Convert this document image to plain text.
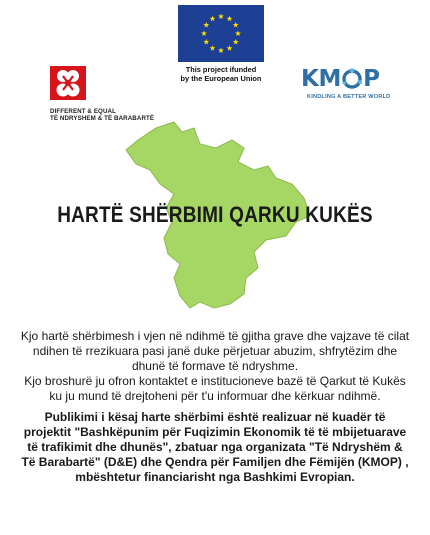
DIFFERENT & EQUAL
TË NDRYSHEM & TË BARABARTË
This project ifunded
by the European Union KM P
KINDLING A BETTER WORLD
HARTË SHËRBIMI QARKU KUKËS

Kjo hartë shërbimesh i vjen në ndihmë të gjitha grave dhe vajzave të cilat ndihen të rrezikuara pasi janë duke përjetuar abuzim, shfrytëzim dhe dhunë të formave të ndryshme.

Kjo broshurë ju ofron kontaktet e institucioneve bazë të Qarkut të Kukës ku ju mund të drejtoheni për t'u informuar dhe kërkuar ndihmë.

Publikimi i kësaj harte shërbimi është realizuar në kuadër të projektit "Bashkëpunim për Fuqizimin Ekonomik të të mbijetuarave të trafikimit dhe dhunës", zbatuar nga organizata "Të Ndryshëm & Të Barabartë" (D&E) dhe Qendra për Familjen dhe Fëmijën (KMOP) , mbështetur financiarisht nga Bashkimi Evropian.
